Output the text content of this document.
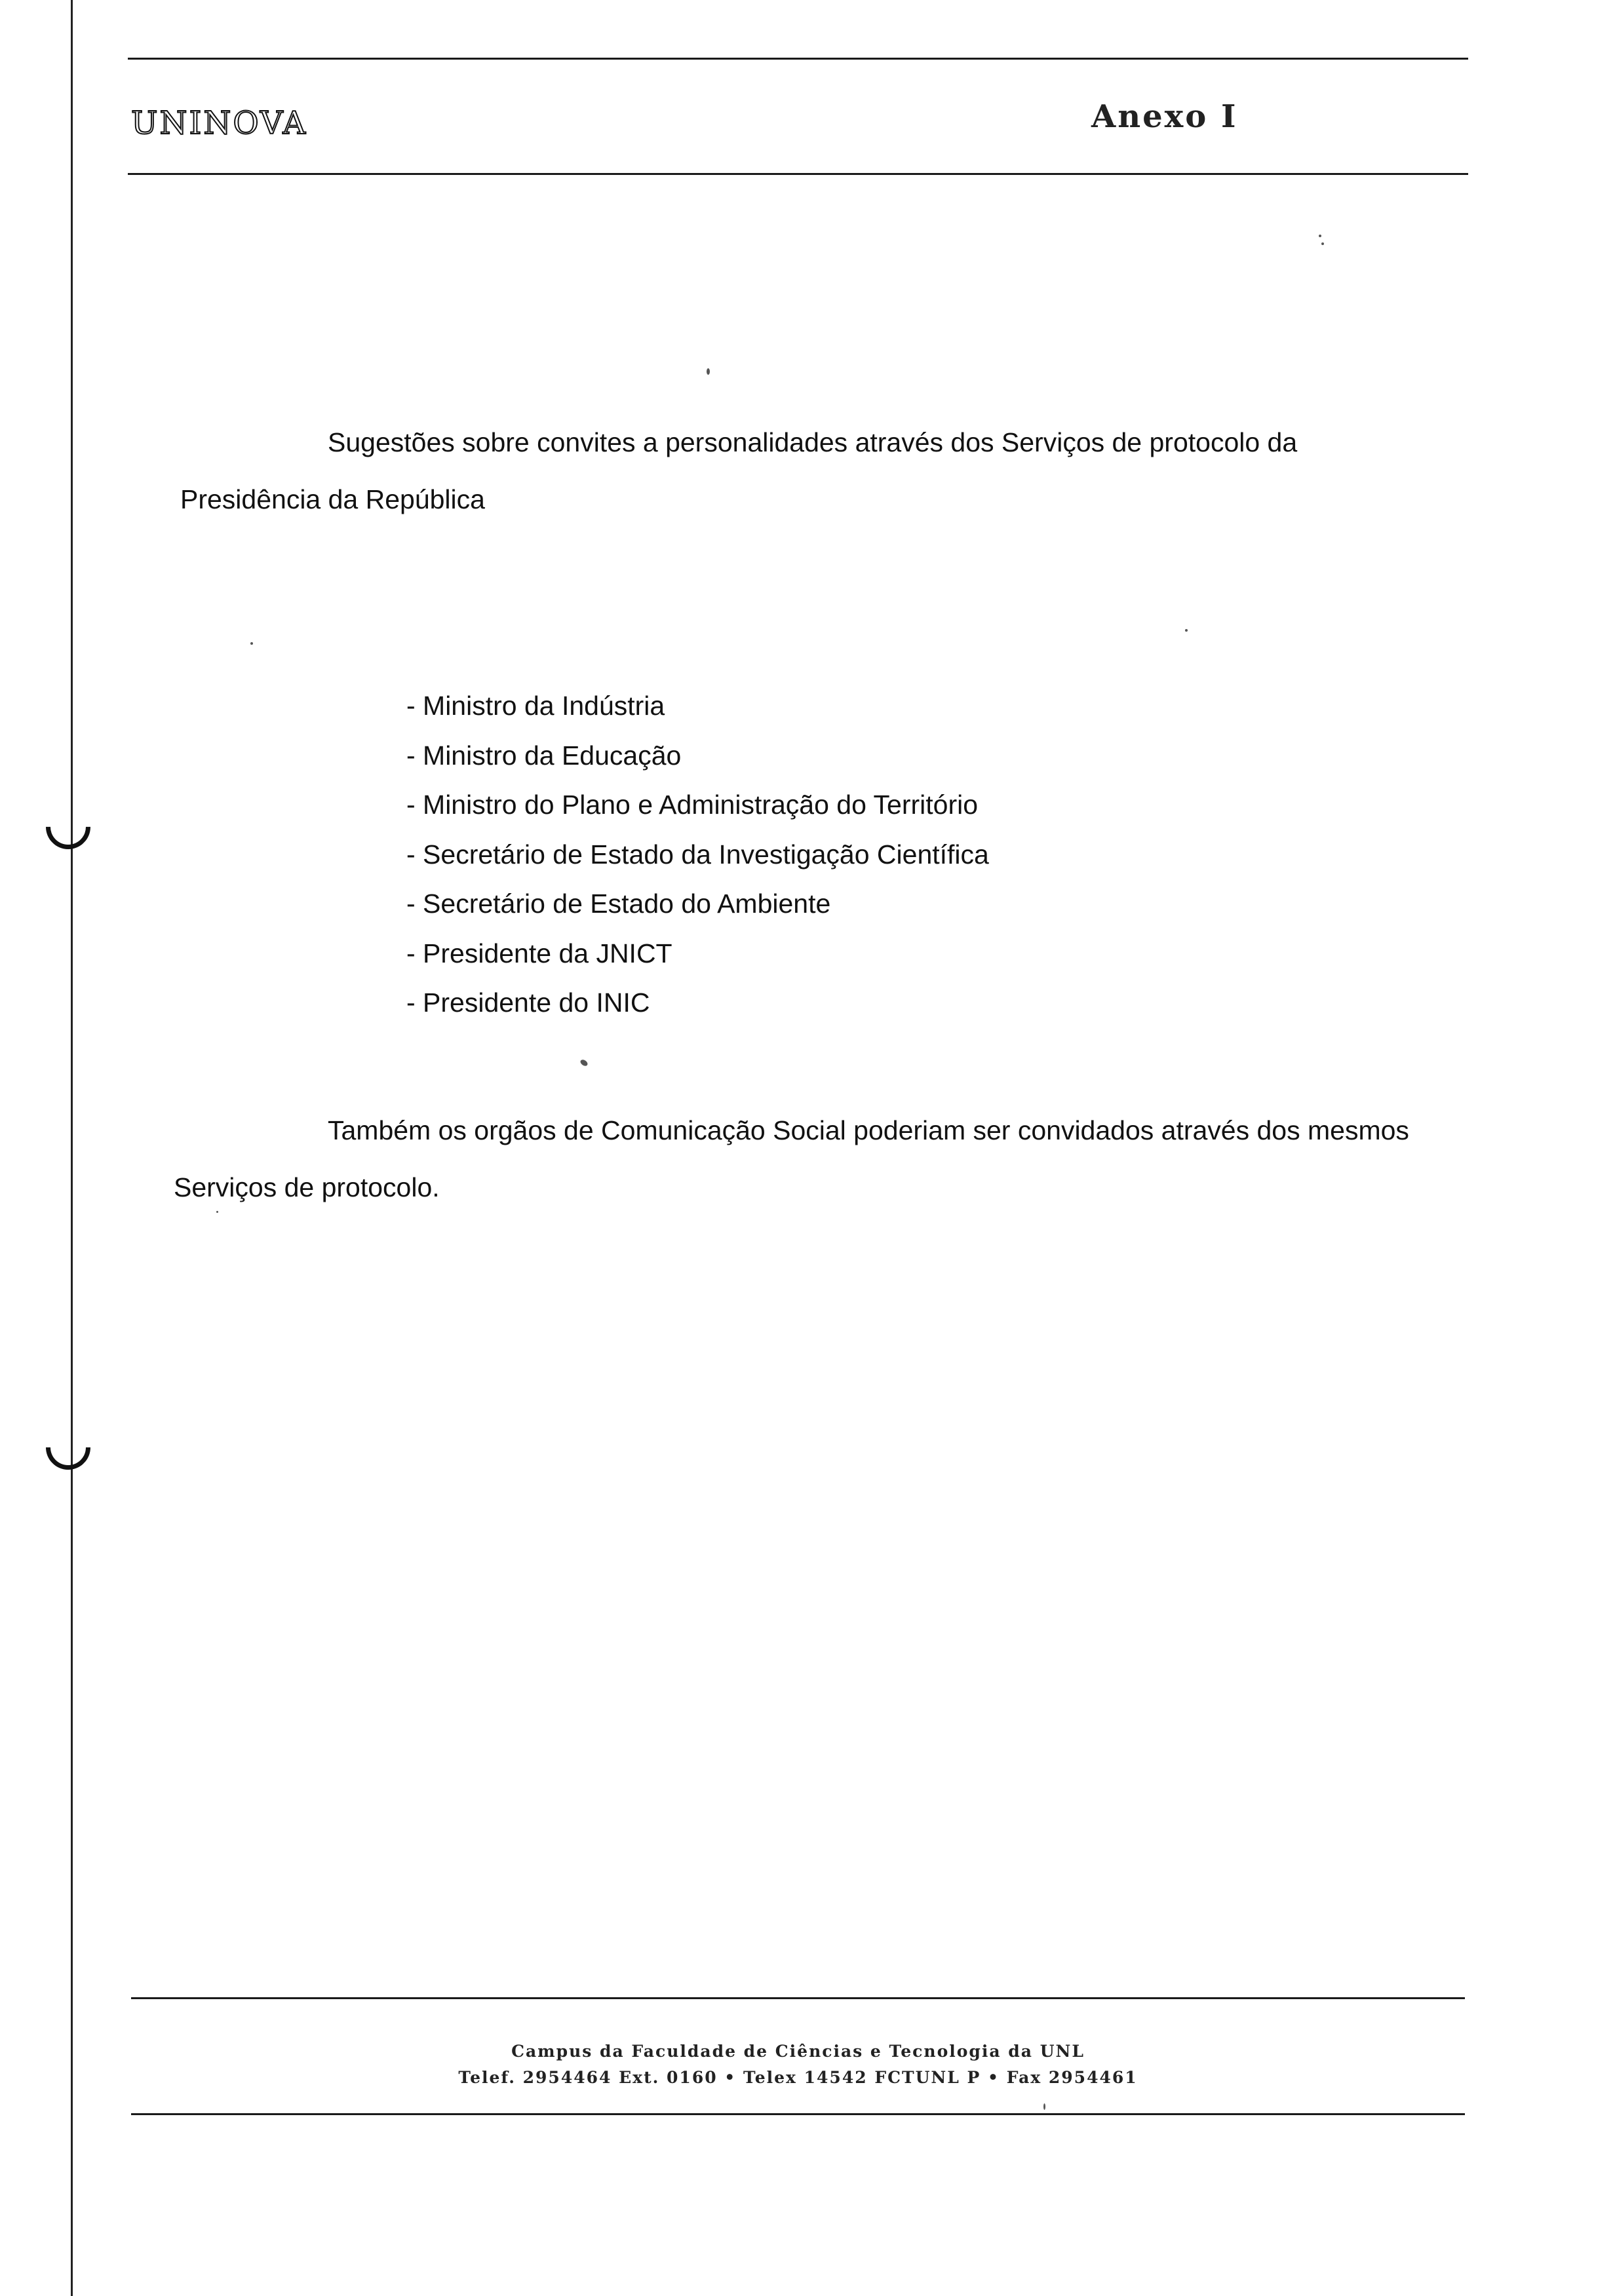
UNINOVA	Anexo I
Sugestões sobre convites a personalidades através dos Serviços de protocolo da
Presidência da República
- Ministro da Indústria
- Ministro da Educação
- Ministro do Plano e Administração do Território
- Secretário de Estado da Investigação Científica
- Secretário de Estado do Ambiente
- Presidente da JNICT
- Presidente do INIC
Também os orgãos de Comunicação Social poderiam ser convidados através dos mesmos
Serviços de protocolo.
Campus da Faculdade de Ciências e Tecnologia da UNL
Telef. 2954464 Ext. 0160 • Telex 14542 FCTUNL P • Fax 2954461
